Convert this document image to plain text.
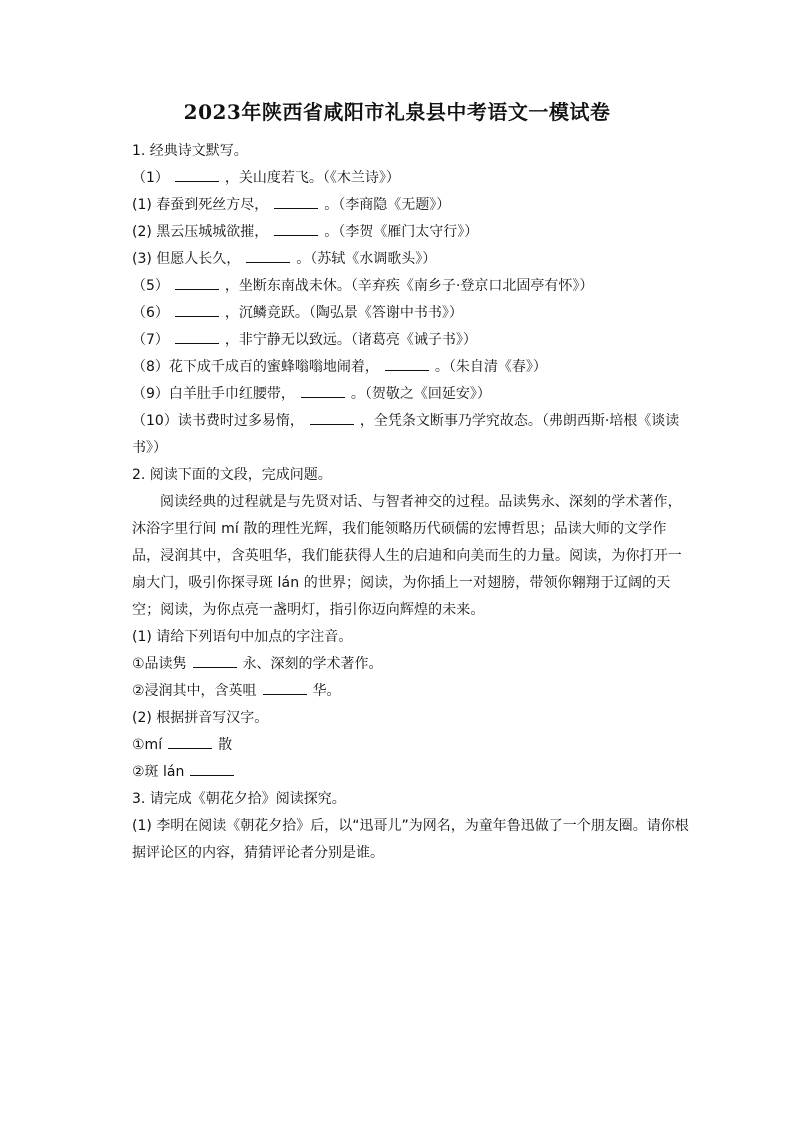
2023年陕西省咸阳市礼泉县中考语文一模试卷
1. 经典诗文默写。
（1）	，关山度若飞。（《木兰诗》）
(1) 春蚕到死丝方尽，	。（李商隐《无题》）
(2) 黑云压城城欲摧，	。（李贺《雁门太守行》）
(3) 但愿人长久，	。（苏轼《水调歌头》）
（5）	，坐断东南战未休。（辛弃疾《南乡子·登京口北固亭有怀》）
（6）	，沉鳞竞跃。（陶弘景《答谢中书书》）
（7）	，非宁静无以致远。（诸葛亮《诫子书》）
（8）花下成千成百的蜜蜂嗡嗡地闹着，	。（朱自清《春》）
（9）白羊肚手巾红腰带，	。（贺敬之《回延安》）
（10）读书费时过多易惰，	，全凭条文断事乃学究故态。（弗朗西斯·培根《谈读书》）
2. 阅读下面的文段，完成问题。
阅读经典的过程就是与先贤对话、与智者神交的过程。品读隽永、深刻的学术著作，沐浴字里行间 mí 散的理性光辉，我们能领略历代硕儒的宏博哲思；品读大师的文学作品，浸润其中，含英咀华，我们能获得人生的启迪和向美而生的力量。阅读，为你打开一扇大门，吸引你探寻斑 lán 的世界；阅读，为你插上一对翅膀，带领你翱翔于辽阔的天空；阅读，为你点亮一盏明灯，指引你迈向辉煌的未来。
(1) 请给下列语句中加点的字注音。
①品读隽	永、深刻的学术著作。
②浸润其中，含英咀	华。
(2) 根据拼音写汉字。
①mí	散
②斑 lán
3. 请完成《朝花夕拾》阅读探究。
(1) 李明在阅读《朝花夕拾》后，以“迅哥儿”为网名，为童年鲁迅做了一个朋友圈。请你根据评论区的内容，猜猜评论者分别是谁。
